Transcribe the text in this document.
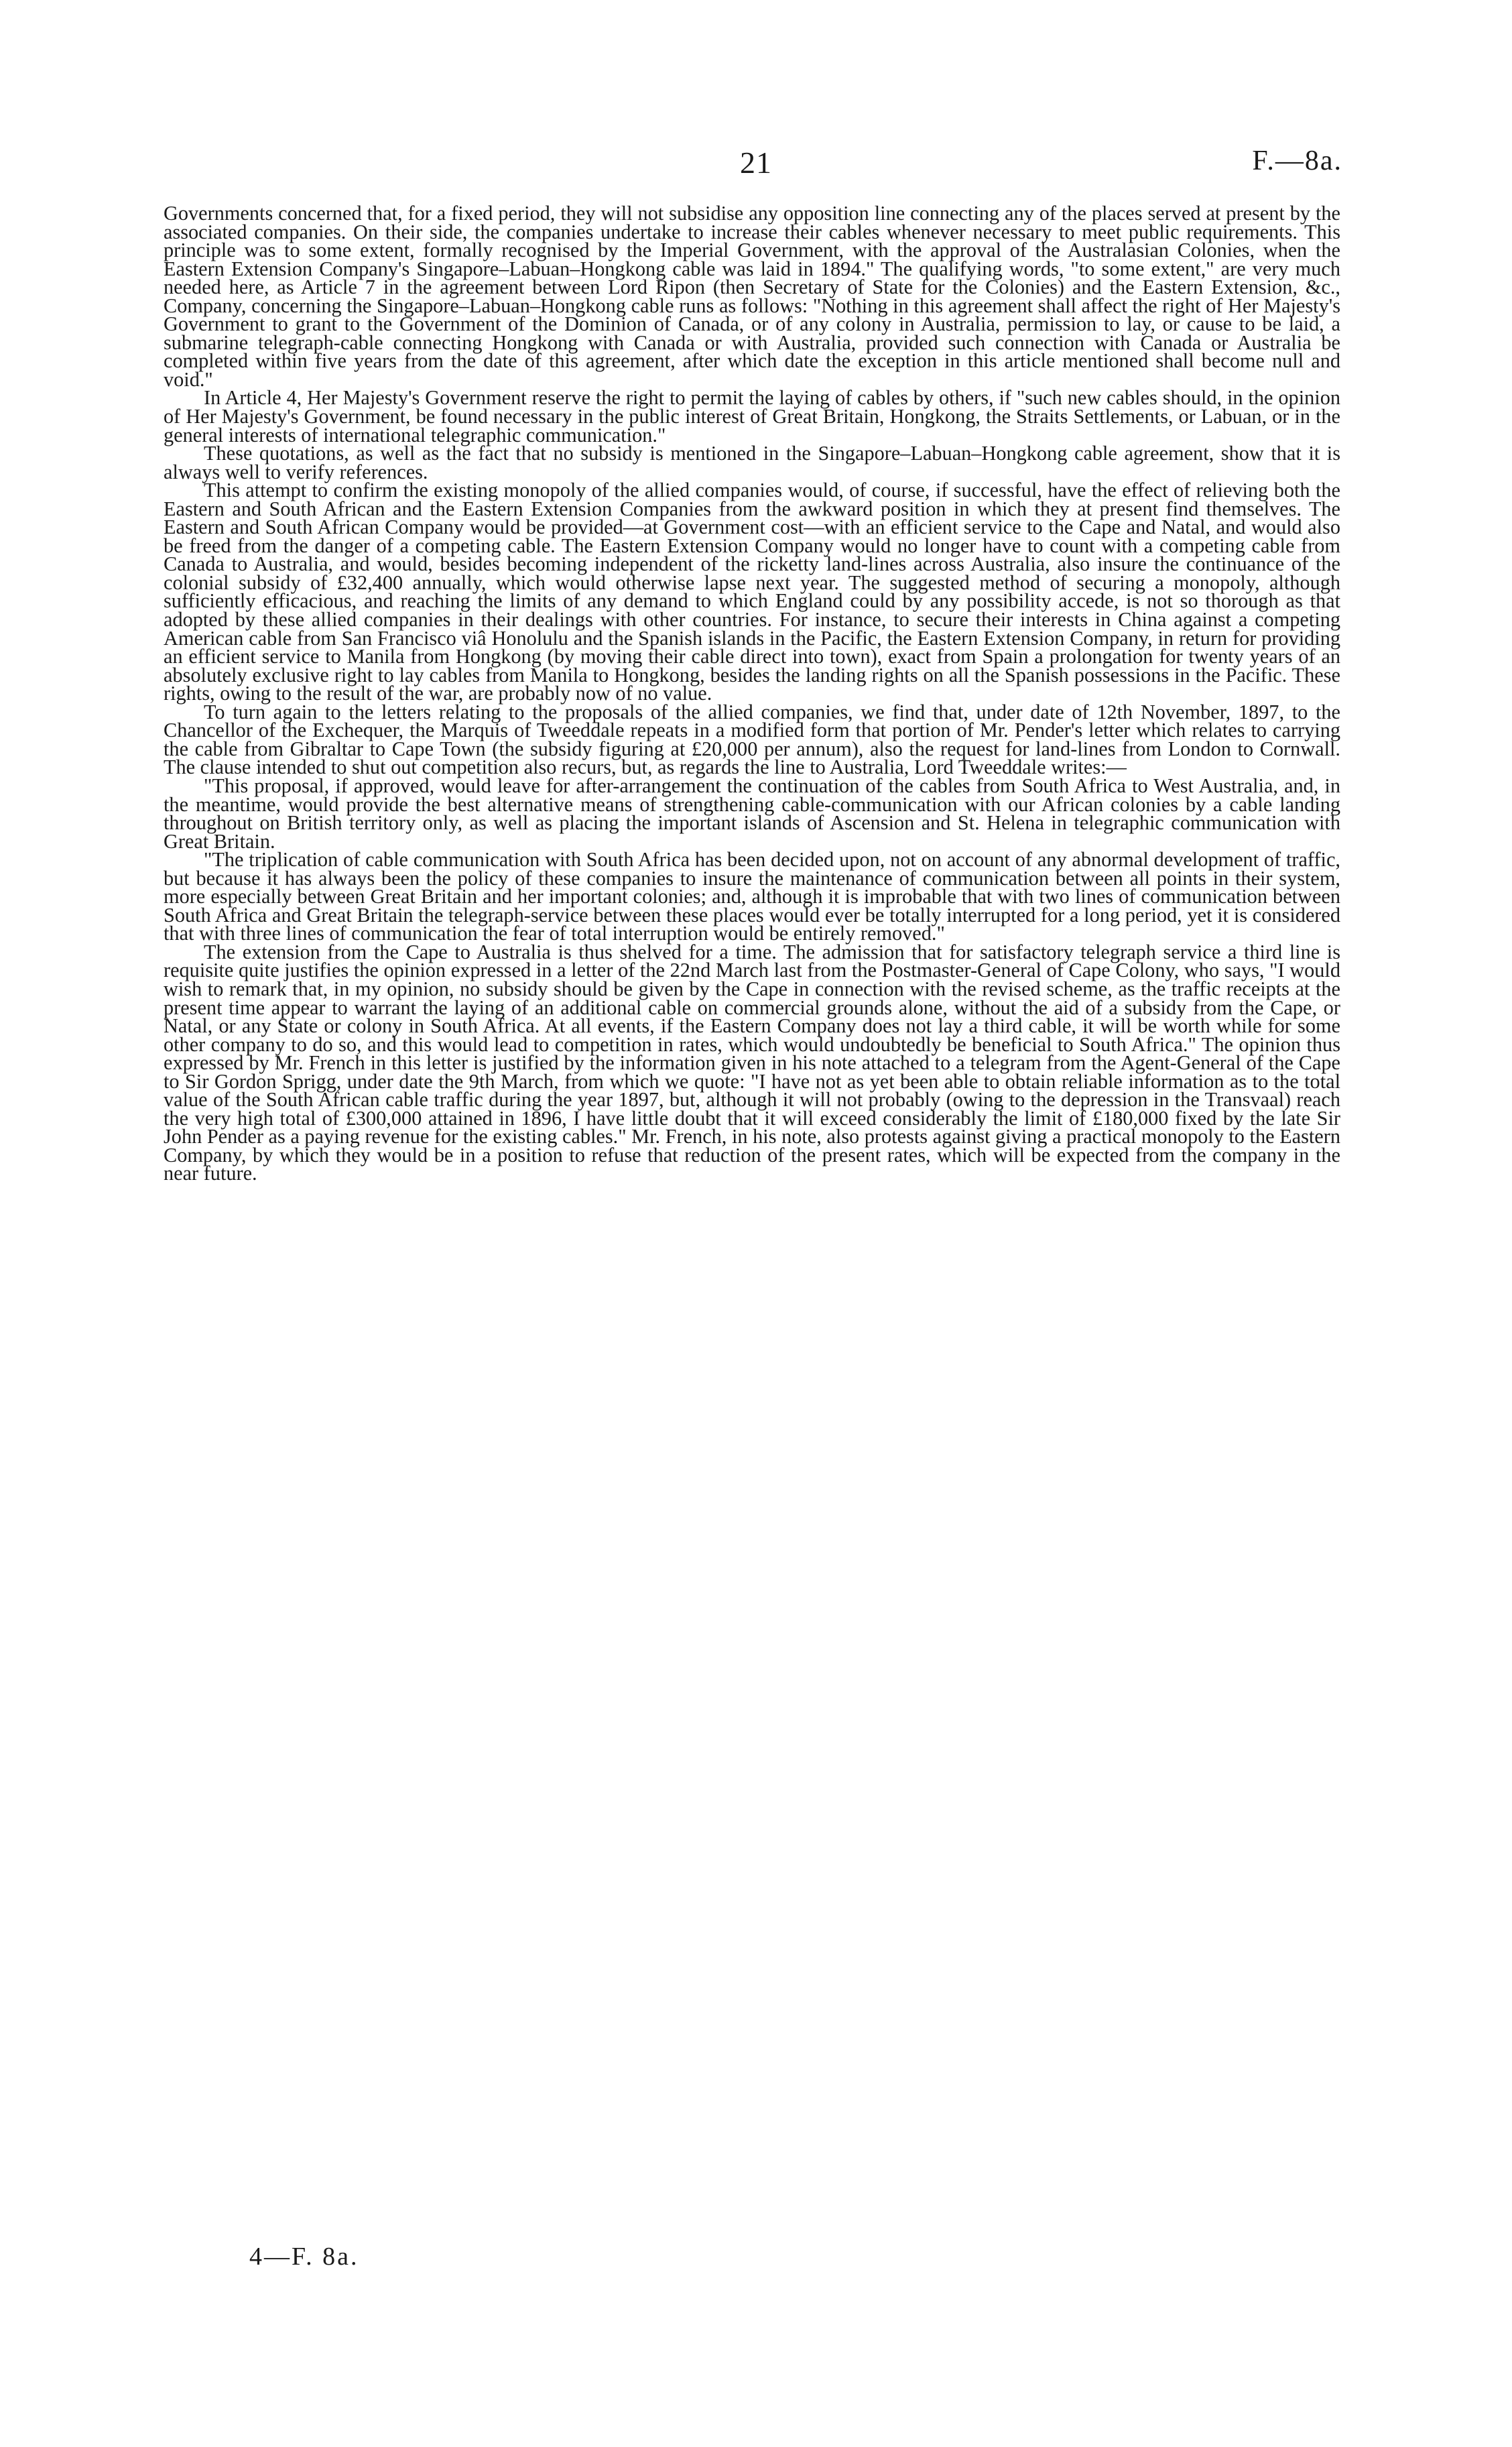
21	F.—8a.

Governments concerned that, for a fixed period, they will not subsidise any opposition line connecting any of the places served at present by the associated companies. On their side, the companies undertake to increase their cables whenever necessary to meet public requirements. This principle was to some extent, formally recognised by the Imperial Government, with the approval of the Australasian Colonies, when the Eastern Extension Company's Singapore–Labuan–Hongkong cable was laid in 1894." The qualifying words, "to some extent," are very much needed here, as Article 7 in the agreement between Lord Ripon (then Secretary of State for the Colonies) and the Eastern Extension, &c., Company, concerning the Singapore–Labuan–Hongkong cable runs as follows: "Nothing in this agreement shall affect the right of Her Majesty's Government to grant to the Government of the Dominion of Canada, or of any colony in Australia, permission to lay, or cause to be laid, a submarine telegraph-cable connecting Hongkong with Canada or with Australia, provided such connection with Canada or Australia be completed within five years from the date of this agreement, after which date the exception in this article mentioned shall become null and void."

In Article 4, Her Majesty's Government reserve the right to permit the laying of cables by others, if "such new cables should, in the opinion of Her Majesty's Government, be found necessary in the public interest of Great Britain, Hongkong, the Straits Settlements, or Labuan, or in the general interests of international telegraphic communication."

These quotations, as well as the fact that no subsidy is mentioned in the Singapore–Labuan–Hongkong cable agreement, show that it is always well to verify references.

This attempt to confirm the existing monopoly of the allied companies would, of course, if successful, have the effect of relieving both the Eastern and South African and the Eastern Extension Companies from the awkward position in which they at present find themselves. The Eastern and South African Company would be provided—at Government cost—with an efficient service to the Cape and Natal, and would also be freed from the danger of a competing cable. The Eastern Extension Company would no longer have to count with a competing cable from Canada to Australia, and would, besides becoming independent of the ricketty land-lines across Australia, also insure the continuance of the colonial subsidy of £32,400 annually, which would otherwise lapse next year. The suggested method of securing a monopoly, although sufficiently efficacious, and reaching the limits of any demand to which England could by any possibility accede, is not so thorough as that adopted by these allied companies in their dealings with other countries. For instance, to secure their interests in China against a competing American cable from San Francisco viâ Honolulu and the Spanish islands in the Pacific, the Eastern Extension Company, in return for providing an efficient service to Manila from Hongkong (by moving their cable direct into town), exact from Spain a prolongation for twenty years of an absolutely exclusive right to lay cables from Manila to Hongkong, besides the landing rights on all the Spanish possessions in the Pacific. These rights, owing to the result of the war, are probably now of no value.

To turn again to the letters relating to the proposals of the allied companies, we find that, under date of 12th November, 1897, to the Chancellor of the Exchequer, the Marquis of Tweeddale repeats in a modified form that portion of Mr. Pender's letter which relates to carrying the cable from Gibraltar to Cape Town (the subsidy figuring at £20,000 per annum), also the request for land-lines from London to Cornwall. The clause intended to shut out competition also recurs, but, as regards the line to Australia, Lord Tweeddale writes:—

"This proposal, if approved, would leave for after-arrangement the continuation of the cables from South Africa to West Australia, and, in the meantime, would provide the best alternative means of strengthening cable-communication with our African colonies by a cable landing throughout on British territory only, as well as placing the important islands of Ascension and St. Helena in telegraphic communication with Great Britain.

"The triplication of cable communication with South Africa has been decided upon, not on account of any abnormal development of traffic, but because it has always been the policy of these companies to insure the maintenance of communication between all points in their system, more especially between Great Britain and her important colonies; and, although it is improbable that with two lines of communication between South Africa and Great Britain the telegraph-service between these places would ever be totally interrupted for a long period, yet it is considered that with three lines of communication the fear of total interruption would be entirely removed."

The extension from the Cape to Australia is thus shelved for a time. The admission that for satisfactory telegraph service a third line is requisite quite justifies the opinion expressed in a letter of the 22nd March last from the Postmaster-General of Cape Colony, who says, "I would wish to remark that, in my opinion, no subsidy should be given by the Cape in connection with the revised scheme, as the traffic receipts at the present time appear to warrant the laying of an additional cable on commercial grounds alone, without the aid of a subsidy from the Cape, or Natal, or any State or colony in South Africa. At all events, if the Eastern Company does not lay a third cable, it will be worth while for some other company to do so, and this would lead to competition in rates, which would undoubtedly be beneficial to South Africa." The opinion thus expressed by Mr. French in this letter is justified by the information given in his note attached to a telegram from the Agent-General of the Cape to Sir Gordon Sprigg, under date the 9th March, from which we quote: "I have not as yet been able to obtain reliable information as to the total value of the South African cable traffic during the year 1897, but, although it will not probably (owing to the depression in the Transvaal) reach the very high total of £300,000 attained in 1896, I have little doubt that it will exceed considerably the limit of £180,000 fixed by the late Sir John Pender as a paying revenue for the existing cables." Mr. French, in his note, also protests against giving a practical monopoly to the Eastern Company, by which they would be in a position to refuse that reduction of the present rates, which will be expected from the company in the near future.

4—F. 8a.
